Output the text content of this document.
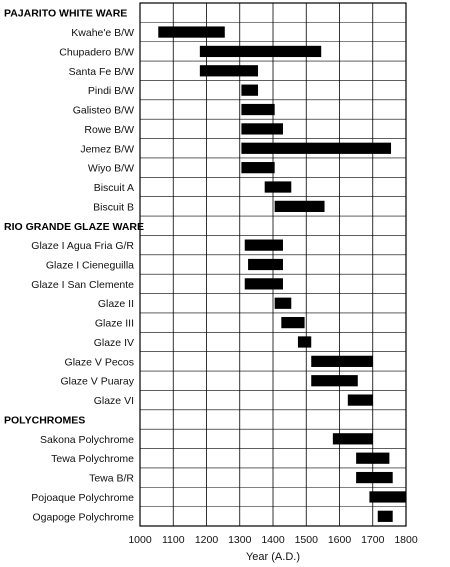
PAJARITO WHITE WARE
Kwahe'e B/W
Chupadero B/W
Santa Fe B/W
Pindi B/W
Galisteo B/W
Rowe B/W
Jemez B/W
Wiyo B/W
Biscuit A
Biscuit B
RIO GRANDE GLAZE WARE
Glaze I Agua Fria G/R
Glaze I Cieneguilla
Glaze I San Clemente
Glaze II
Glaze III
Glaze IV
Glaze V Pecos
Glaze V Puaray
Glaze VI
POLYCHROMES
Sakona Polychrome
Tewa Polychrome
Tewa B/R
Pojoaque Polychrome
Ogapoge Polychrome
1000 1100 1200 1300 1400 1500 1600 1700 1800
Year (A.D.)
